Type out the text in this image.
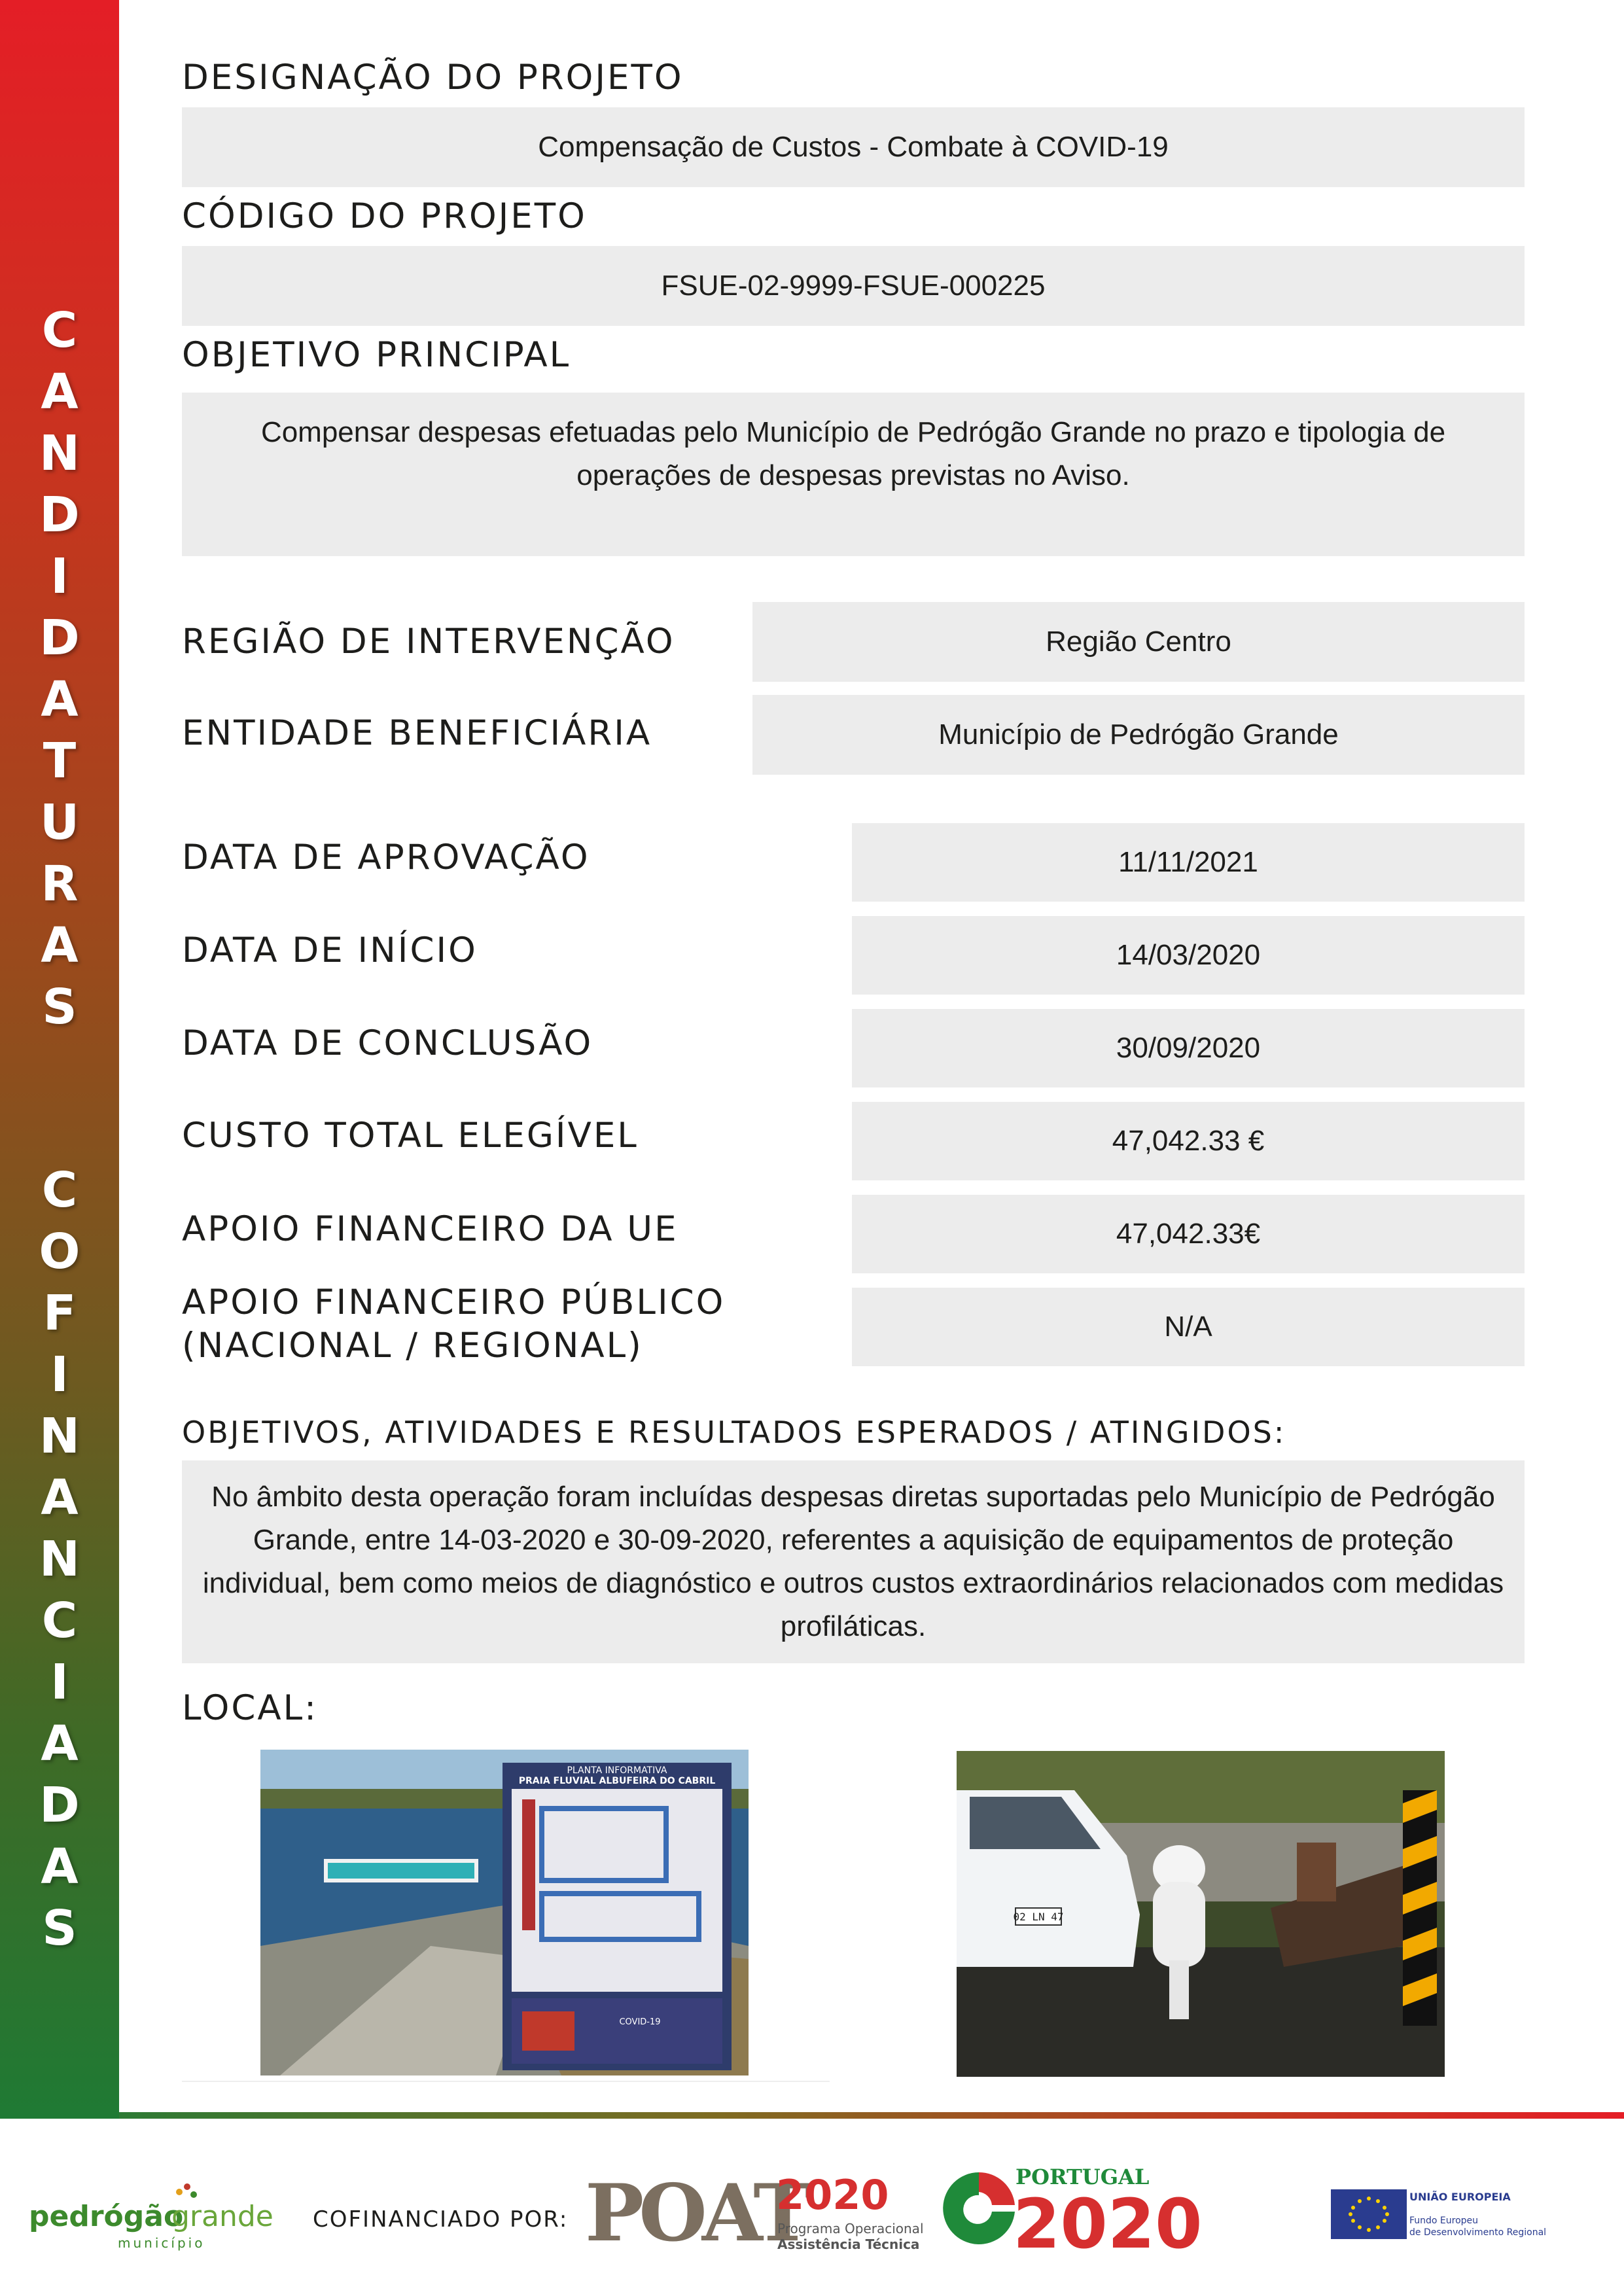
C
A
N
D
I
D
A
T
U
R
A
S
C
O
F
I
N
A
N
C
I
A
D
A
S
DESIGNAÇÃO DO PROJETO
Compensação de Custos - Combate à COVID-19
CÓDIGO DO PROJETO
FSUE-02-9999-FSUE-000225
OBJETIVO PRINCIPAL
Compensar despesas efetuadas pelo Município de Pedrógão Grande no prazo e tipologia de operações de despesas previstas no Aviso.
REGIÃO DE INTERVENÇÃO	Região Centro
ENTIDADE BENEFICIÁRIA	Município de Pedrógão Grande
DATA DE APROVAÇÃO	11/11/2021
DATA DE INÍCIO	14/03/2020
DATA DE CONCLUSÃO	30/09/2020
CUSTO TOTAL ELEGÍVEL	47,042.33 €
APOIO FINANCEIRO DA UE	47,042.33€
APOIO FINANCEIRO PÚBLICO
(NACIONAL / REGIONAL)	N/A
OBJETIVOS, ATIVIDADES E RESULTADOS ESPERADOS / ATINGIDOS:
No âmbito desta operação foram incluídas despesas diretas suportadas pelo Município de Pedrógão Grande, entre 14-03-2020 e 30-09-2020, referentes a aquisição de equipamentos de proteção individual, bem como meios de diagnóstico e outros custos extraordinários relacionados com medidas profiláticas.
LOCAL:
PLANTA INFORMATIVA
PRAIA FLUVIAL ALBUFEIRA DO CABRIL
COVID-19
02 LN 47
pedrógão
grande
município
COFINANCIADO POR: POAT
2020
Programa Operacional
Assistência Técnica
PORTUGAL
2020	UNIÃO EUROPEIA
Fundo Europeu
de Desenvolvimento Regional
